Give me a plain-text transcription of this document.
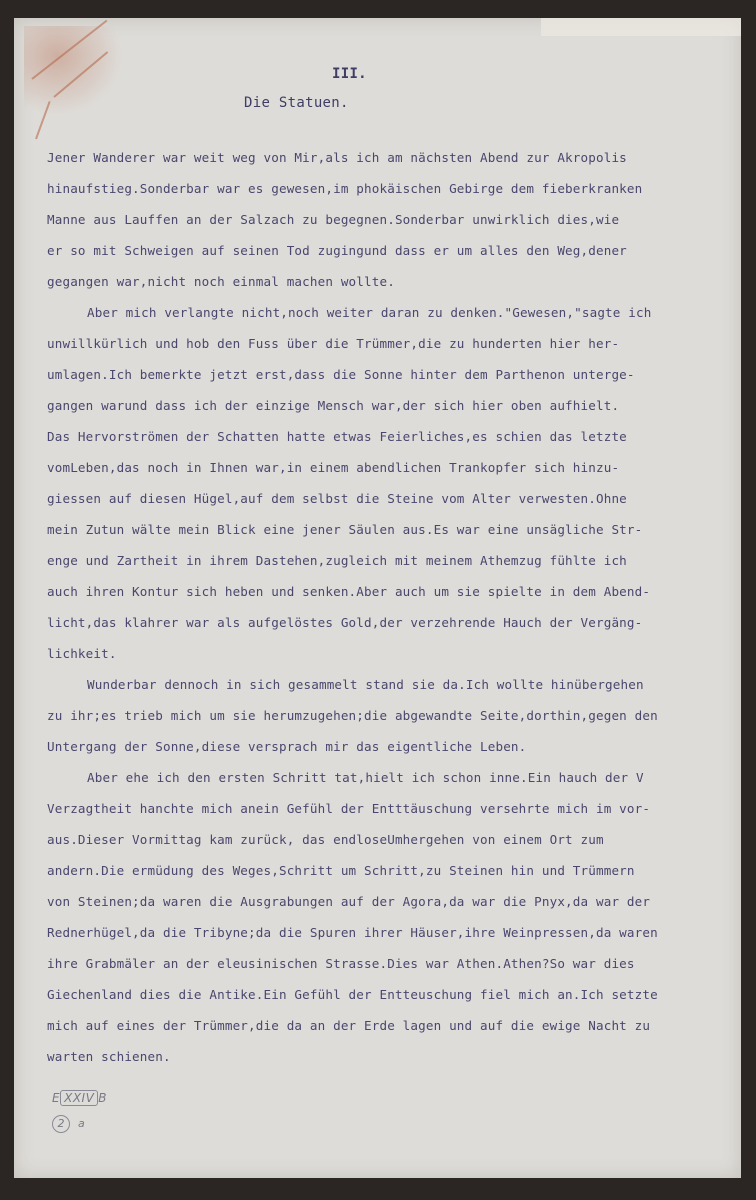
III.
Die Statuen.
Jener Wanderer war weit weg von Mir,als ich am nächsten Abend zur Akropolis
hinaufstieg.Sonderbar war es gewesen,im phokäischen Gebirge dem fieberkranken
Manne aus Lauffen an der Salzach zu begegnen.Sonderbar unwirklich dies,wie
er so mit Schweigen auf seinen Tod zugingund dass er um alles den Weg,dener
gegangen war,nicht noch einmal machen wollte.
Aber mich verlangte nicht,noch weiter daran zu denken."Gewesen,"sagte ich
unwillkürlich und hob den Fuss über die Trümmer,die zu hunderten hier her-
umlagen.Ich bemerkte jetzt erst,dass die Sonne hinter dem Parthenon unterge-
gangen warund dass ich der einzige Mensch war,der sich hier oben aufhielt.
Das Hervorströmen der Schatten hatte etwas Feierliches,es schien das letzte
vomLeben,das noch in Ihnen war,in einem abendlichen Trankopfer sich hinzu-
giessen auf diesen Hügel,auf dem selbst die Steine vom Alter verwesten.Ohne
mein Zutun wälte mein Blick eine jener Säulen aus.Es war eine unsägliche Str-
enge und Zartheit in ihrem Dastehen,zugleich mit meinem Athemzug fühlte ich
auch ihren Kontur sich heben und senken.Aber auch um sie spielte in dem Abend-
licht,das klahrer war als aufgelöstes Gold,der verzehrende Hauch der Vergäng-
lichkeit.
Wunderbar dennoch in sich gesammelt stand sie da.Ich wollte hinübergehen
zu ihr;es trieb mich um sie herumzugehen;die abgewandte Seite,dorthin,gegen den
Untergang der Sonne,diese versprach mir das eigentliche Leben.
Aber ehe ich den ersten Schritt tat,hielt ich schon inne.Ein hauch der V
Verzagtheit hanchte mich anein Gefühl der Entttäuschung versehrte mich im vor-
aus.Dieser Vormittag kam zurück, das endloseUmhergehen von einem Ort zum
andern.Die ermüdung des Weges,Schritt um Schritt,zu Steinen hin und Trümmern
von Steinen;da waren die Ausgrabungen auf der Agora,da war die Pnyx,da war der
Rednerhügel,da die Tribyne;da die Spuren ihrer Häuser,ihre Weinpressen,da waren
ihre Grabmäler an der eleusinischen Strasse.Dies war Athen.Athen?So war dies
Giechenland dies die Antike.Ein Gefühl der Entteuschung fiel mich an.Ich setzte
mich auf eines der Trümmer,die da an der Erde lagen und auf die ewige Nacht zu
warten schienen.
E XXIV B
2 a
